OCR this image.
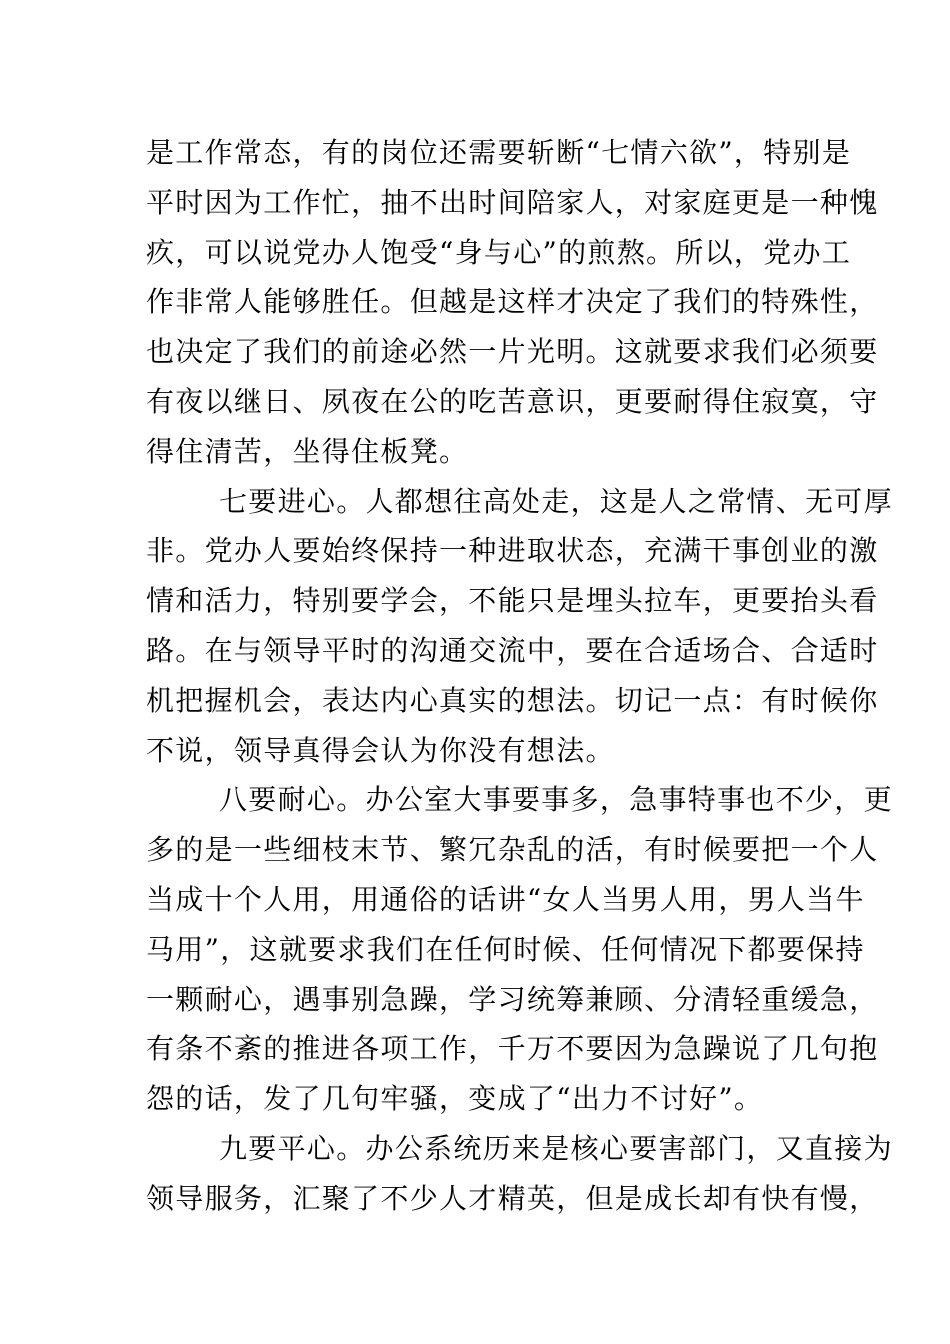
是工作常态，有的岗位还需要斩断“七情六欲”，特别是
平时因为工作忙，抽不出时间陪家人，对家庭更是一种愧
疚，可以说党办人饱受“身与心”的煎熬。所以，党办工
作非常人能够胜任。但越是这样才决定了我们的特殊性，
也决定了我们的前途必然一片光明。这就要求我们必须要
有夜以继日、夙夜在公的吃苦意识，更要耐得住寂寞，守
得住清苦，坐得住板凳。
七要进心。人都想往高处走，这是人之常情、无可厚
非。党办人要始终保持一种进取状态，充满干事创业的激
情和活力，特别要学会，不能只是埋头拉车，更要抬头看
路。在与领导平时的沟通交流中，要在合适场合、合适时
机把握机会，表达内心真实的想法。切记一点：有时候你
不说，领导真得会认为你没有想法。
八要耐心。办公室大事要事多，急事特事也不少，更
多的是一些细枝末节、繁冗杂乱的活，有时候要把一个人
当成十个人用，用通俗的话讲“女人当男人用，男人当牛
马用”，这就要求我们在任何时候、任何情况下都要保持
一颗耐心，遇事别急躁，学习统筹兼顾、分清轻重缓急，
有条不紊的推进各项工作，千万不要因为急躁说了几句抱
怨的话，发了几句牢骚，变成了“出力不讨好”。
九要平心。办公系统历来是核心要害部门，又直接为
领导服务，汇聚了不少人才精英，但是成长却有快有慢，
